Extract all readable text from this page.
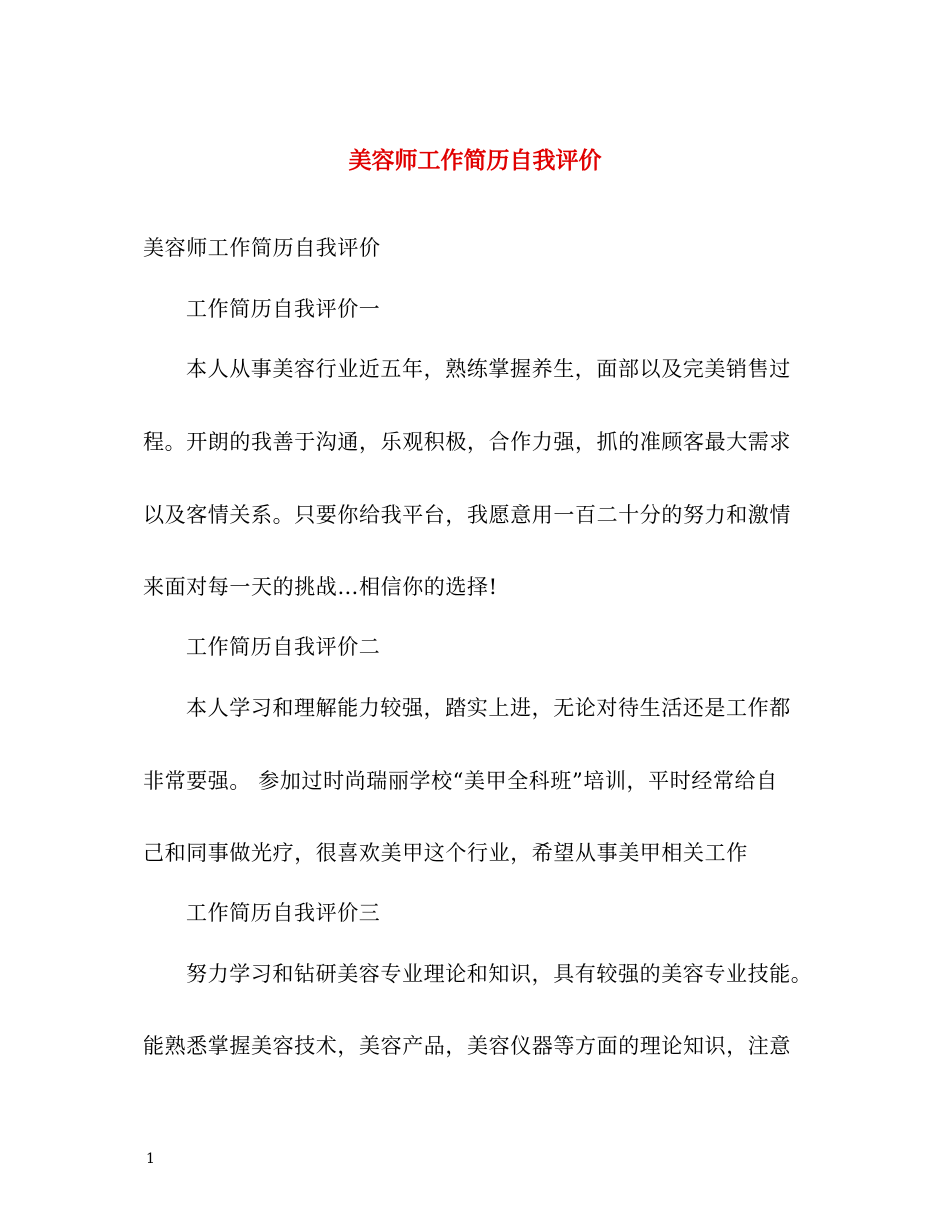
美容师工作简历自我评价
美容师工作简历自我评价
工作简历自我评价一
本人从事美容行业近五年，熟练掌握养生，面部以及完美销售过
程。开朗的我善于沟通，乐观积极，合作力强，抓的准顾客最大需求
以及客情关系。只要你给我平台，我愿意用一百二十分的努力和激情
来面对每一天的挑战…相信你的选择!
工作简历自我评价二
本人学习和理解能力较强，踏实上进，无论对待生活还是工作都
非常要强。 参加过时尚瑞丽学校“美甲全科班”培训，平时经常给自
己和同事做光疗，很喜欢美甲这个行业，希望从事美甲相关工作
工作简历自我评价三
努力学习和钻研美容专业理论和知识，具有较强的美容专业技能。
能熟悉掌握美容技术，美容产品，美容仪器等方面的理论知识，注意
1
